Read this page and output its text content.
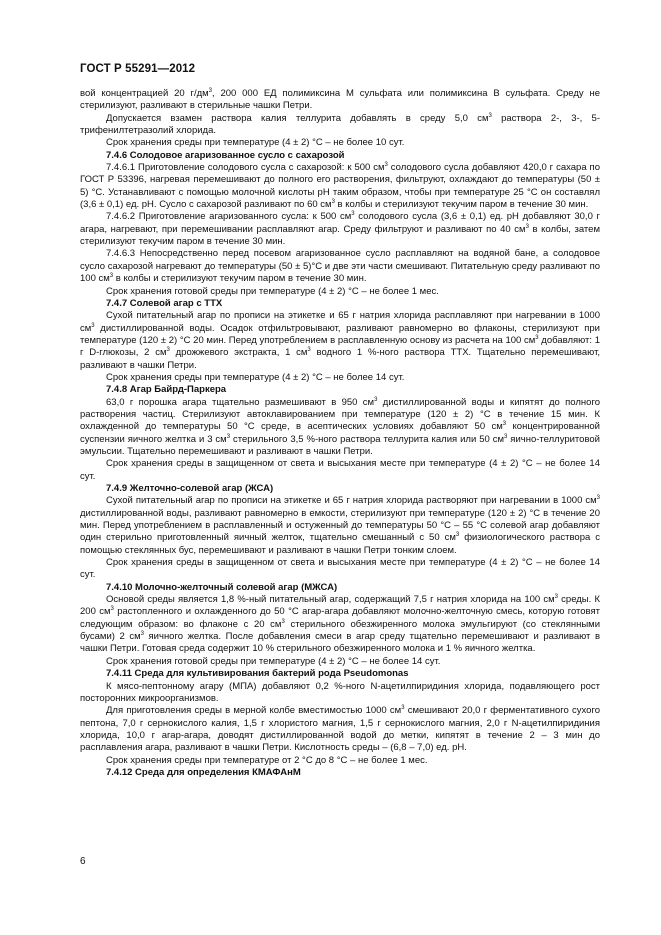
ГОСТ Р 55291—2012

вой концентрацией 20 $г/дм^3$, 200 000 ЕД полимиксина М сульфата или полимиксина В сульфата. Среду не стерилизуют, разливают в стерильные чашки Петри.

Допускается взамен раствора калия теллурита добавлять в среду 5,0 $см^3$ раствора 2-, 3-, 5-трифенилтетразолий хлорида.

Срок хранения среды при температуре (4 ± 2) °С – не более 10 сут.

7.4.6 Солодовое агаризованное сусло с сахарозой

7.4.6.1 Приготовление солодового сусла с сахарозой: к 500 $см^3$ солодового сусла добавляют 420,0 г сахара по ГОСТ Р 53396, нагревая перемешивают до полного его растворения, фильтруют, охлаждают до температуры (50 ± 5) °С. Устанавливают с помощью молочной кислоты рН таким образом, чтобы при температуре 25 °С он составлял (3,6 ± 0,1) ед. рН. Сусло с сахарозой разливают по 60 $см^3$ в колбы и стерилизуют текучим паром в течение 30 мин.

7.4.6.2 Приготовление агаризованного сусла: к 500 $см^3$ солодового сусла (3,6 ± 0,1) ед. рН добавляют 30,0 г агара, нагревают, при перемешивании расплавляют агар. Среду фильтруют и разливают по 40 $см^3$ в колбы, затем стерилизуют текучим паром в течение 30 мин.

7.4.6.3 Непосредственно перед посевом агаризованное сусло расплавляют на водяной бане, а солодовое сусло сахарозой нагревают до температуры (50 ± 5)°С и две эти части смешивают. Питательную среду разливают по 100 $см^3$ в колбы и стерилизуют текучим паром в течение 30 мин.

Срок хранения готовой среды при температуре (4 ± 2) °С – не более 1 мес.

7.4.7 Солевой агар с ТТХ

Сухой питательный агар по прописи на этикетке и 65 г натрия хлорида расплавляют при нагревании в 1000 $см^3$ дистиллированной воды. Осадок отфильтровывают, разливают равномерно во флаконы, стерилизуют при температуре (120 ± 2) °С 20 мин. Перед употреблением в расплавленную основу из расчета на 100 $см^3$ добавляют: 1 г D-глюкозы, 2 $см^3$ дрожжевого экстракта, 1 $см^3$ водного 1 %-ного раствора ТТХ. Тщательно перемешивают, разливают в чашки Петри.

Срок хранения среды при температуре (4 ± 2) °С – не более 14 сут.

7.4.8 Агар Байрд-Паркера

63,0 г порошка агара тщательно размешивают в 950 $см^3$ дистиллированной воды и кипятят до полного растворения частиц. Стерилизуют автоклавированием при температуре (120 ± 2) °С в течение 15 мин. К охлажденной до температуры 50 °С среде, в асептических условиях добавляют 50 $см^3$ концентрированной суспензии яичного желтка и 3 $см^3$ стерильного 3,5 %-ного раствора теллурита калия или 50 $см^3$ яично-теллуритовой эмульсии. Тщательно перемешивают и разливают в чашки Петри.

Срок хранения среды в защищенном от света и высыхания месте при температуре (4 ± 2) °С – не более 14 сут.

7.4.9 Желточно-солевой агар (ЖСА)

Сухой питательный агар по прописи на этикетке и 65 г натрия хлорида растворяют при нагревании в 1000 $см^3$ дистиллированной воды, разливают равномерно в емкости, стерилизуют при температуре (120 ± 2) °С в течение 20 мин. Перед употреблением в расплавленный и остуженный до температуры 50 °С – 55 °С солевой агар добавляют один стерильно приготовленный яичный желток, тщательно смешанный с 50 $см^3$ физиологического раствора с помощью стеклянных бус, перемешивают и разливают в чашки Петри тонким слоем.

Срок хранения среды в защищенном от света и высыхания месте при температуре (4 ± 2) °С – не более 14 сут.

7.4.10 Молочно-желточный солевой агар (МЖСА)

Основой среды является 1,8 %-ный питательный агар, содержащий 7,5 г натрия хлорида на 100 $см^3$ среды. К 200 $см^3$ растопленного и охлажденного до 50 °С агар-агара добавляют молочно-желточную смесь, которую готовят следующим образом: во флаконе с 20 $см^3$ стерильного обезжиренного молока эмульгируют (со стеклянными бусами) 2 $см^3$ яичного желтка. После добавления смеси в агар среду тщательно перемешивают и разливают в чашки Петри. Готовая среда содержит 10 % стерильного обезжиренного молока и 1 % яичного желтка.

Срок хранения готовой среды при температуре (4 ± 2) °С – не более 14 сут.

7.4.11 Среда для культивирования бактерий рода Pseudomonas

К мясо-пептонному агару (МПА) добавляют 0,2 %-ного N-ацетилпиридиния хлорида, подавляющего рост посторонних микроорганизмов.

Для приготовления среды в мерной колбе вместимостью 1000 $см^3$ смешивают 20,0 г ферментативного сухого пептона, 7,0 г сернокислого калия, 1,5 г хлористого магния, 1,5 г сернокислого магния, 2,0 г N-ацетилпиридиния хлорида, 10,0 г агар-агара, доводят дистиллированной водой до метки, кипятят в течение 2 – 3 мин до расплавления агара, разливают в чашки Петри. Кислотность среды – (6,8 – 7,0) ед. рН.

Срок хранения среды при температуре от 2 °С до 8 °С – не более 1 мес.

7.4.12 Среда для определения КМАФАнМ

6
